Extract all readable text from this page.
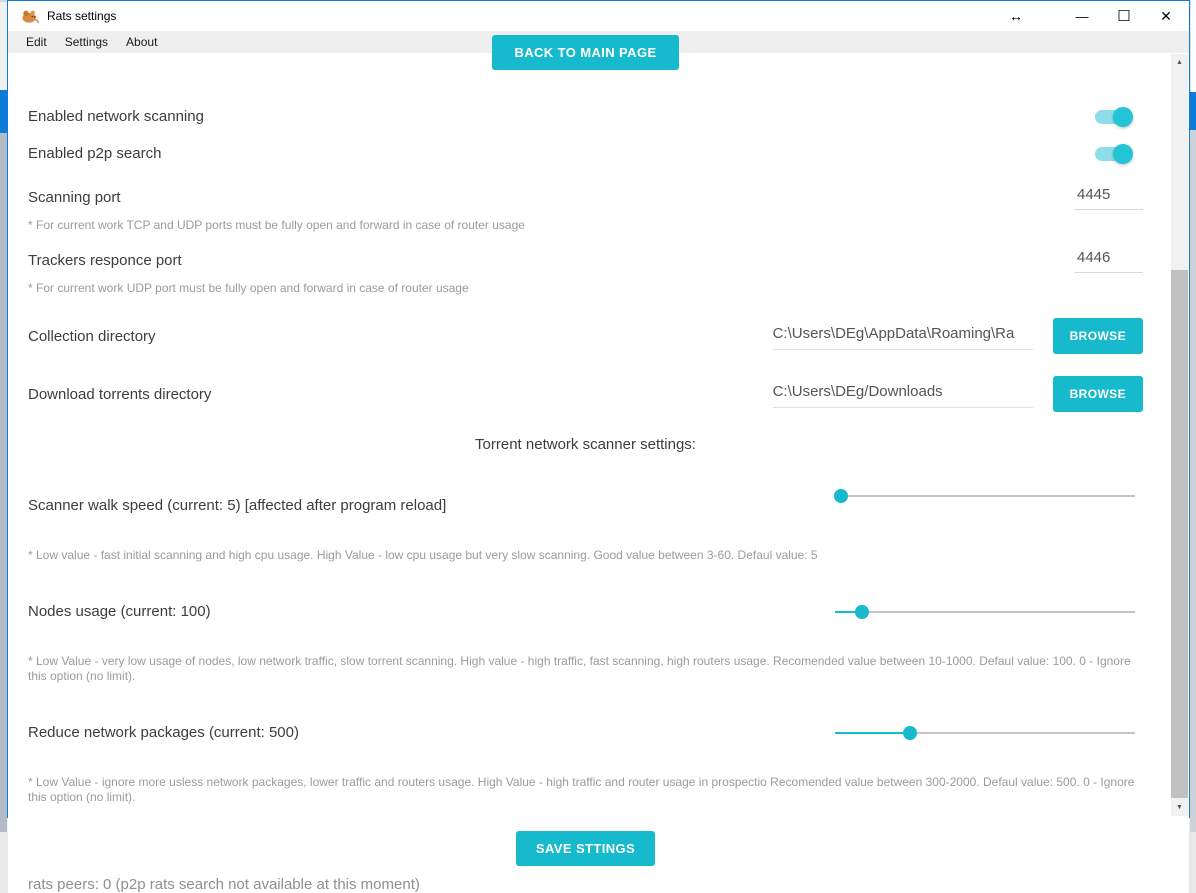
Rats settings	↔	—	☐	✕
Edit Settings About
BACK TO MAIN PAGE
Enabled network scanning
Enabled p2p search
Scanning port
4445
* For current work TCP and UDP ports must be fully open and forward in case of router usage
Trackers responce port
4446
* For current work UDP port must be fully open and forward in case of router usage
Collection directory
C:\Users\DEg\AppData\Roaming\Ra	BROWSE
Download torrents directory
C:\Users\DEg/Downloads	BROWSE
Torrent network scanner settings:
Scanner walk speed (current: 5) [affected after program reload]
* Low value - fast initial scanning and high cpu usage. High Value - low cpu usage but very slow scanning. Good value between 3-60. Defaul value: 5
Nodes usage (current: 100)
* Low Value - very low usage of nodes, low network traffic, slow torrent scanning. High value - high traffic, fast scanning, high routers usage. Recomended value between 10-1000. Defaul value: 100. 0 - Ignore this option (no limit).
Reduce network packages (current: 500)
* Low Value - ignore more usless network packages, lower traffic and routers usage. High Value - high traffic and router usage in prospectio Recomended value between 300-2000. Defaul value: 500. 0 - Ignore this option (no limit).
SAVE STTINGS
rats peers: 0 (p2p rats search not available at this moment)
▲
▼
